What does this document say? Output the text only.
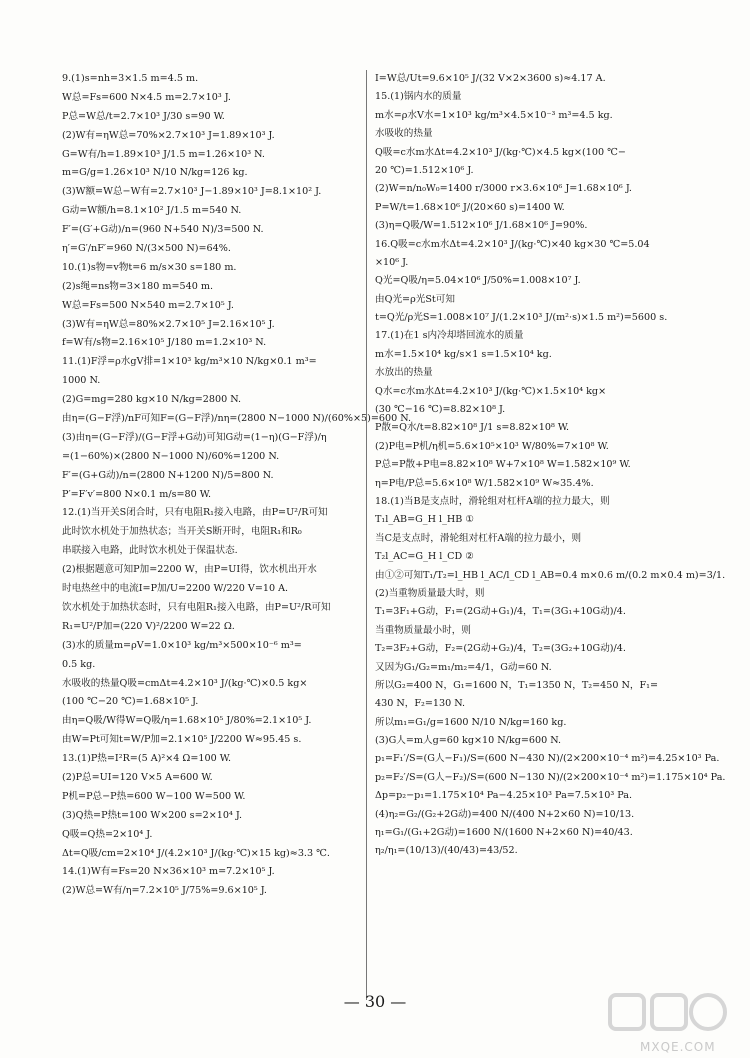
9.(1)s=nh=3×1.5 m=4.5 m.
W总=Fs=600 N×4.5 m=2.7×10³ J.
P总=W总/t=2.7×10³ J/30 s=90 W.
(2)W有=ηW总=70%×2.7×10³ J=1.89×10³ J.
G=W有/h=1.89×10³ J/1.5 m=1.26×10³ N.
m=G/g=1.26×10³ N/10 N/kg=126 kg.
(3)W额=W总−W有=2.7×10³ J−1.89×10³ J=8.1×10² J.
G动=W额/h=8.1×10² J/1.5 m=540 N.
F′=(G′+G动)/n=(960 N+540 N)/3=500 N.
η′=G′/nF′=960 N/(3×500 N)=64%.
10.(1)s物=v物t=6 m/s×30 s=180 m.
(2)s绳=ns物=3×180 m=540 m.
W总=Fs=500 N×540 m=2.7×10⁵ J.
(3)W有=ηW总=80%×2.7×10⁵ J=2.16×10⁵ J.
f=W有/s物=2.16×10⁵ J/180 m=1.2×10³ N.
11.(1)F浮=ρ水gV排=1×10³ kg/m³×10 N/kg×0.1 m³=
1000 N.
(2)G=mg=280 kg×10 N/kg=2800 N.
由η=(G−F浮)/nF可知F=(G−F浮)/nη=(2800 N−1000 N)/(60%×5)=600 N.
(3)由η=(G−F浮)/(G−F浮+G动)可知G动=(1−η)(G−F浮)/η
=(1−60%)×(2800 N−1000 N)/60%=1200 N.
F′=(G+G动)/n=(2800 N+1200 N)/5=800 N.
P′=F′v′=800 N×0.1 m/s=80 W.
12.(1)当开关S闭合时，只有电阻R₁接入电路，由P=U²/R可知
此时饮水机处于加热状态；当开关S断开时，电阻R₁和R₀
串联接入电路，此时饮水机处于保温状态.
(2)根据题意可知P加=2200 W，由P=UI得，饮水机出开水
时电热丝中的电流I=P加/U=2200 W/220 V=10 A.
饮水机处于加热状态时，只有电阻R₁接入电路，由P=U²/R可知
R₁=U²/P加=(220 V)²/2200 W=22 Ω.
(3)水的质量m=ρV=1.0×10³ kg/m³×500×10⁻⁶ m³=
0.5 kg.
水吸收的热量Q吸=cmΔt=4.2×10³ J/(kg·℃)×0.5 kg×
(100 ℃−20 ℃)=1.68×10⁵ J.
由η=Q吸/W得W=Q吸/η=1.68×10⁵ J/80%=2.1×10⁵ J.
由W=Pt可知t=W/P加=2.1×10⁵ J/2200 W≈95.45 s.
13.(1)P热=I²R=(5 A)²×4 Ω=100 W.
(2)P总=UI=120 V×5 A=600 W.
P机=P总−P热=600 W−100 W=500 W.
(3)Q热=P热t=100 W×200 s=2×10⁴ J.
Q吸=Q热=2×10⁴ J.
Δt=Q吸/cm=2×10⁴ J/(4.2×10³ J/(kg·℃)×15 kg)≈3.3 ℃.
14.(1)W有=Fs=20 N×36×10³ m=7.2×10⁵ J.
(2)W总=W有/η=7.2×10⁵ J/75%=9.6×10⁵ J.
I=W总/Ut=9.6×10⁵ J/(32 V×2×3600 s)≈4.17 A.
15.(1)锅内水的质量
m水=ρ水V水=1×10³ kg/m³×4.5×10⁻³ m³=4.5 kg.
水吸收的热量
Q吸=c水m水Δt=4.2×10³ J/(kg·℃)×4.5 kg×(100 ℃−
20 ℃)=1.512×10⁶ J.
(2)W=n/n₀W₀=1400 r/3000 r×3.6×10⁶ J=1.68×10⁶ J.
P=W/t=1.68×10⁶ J/(20×60 s)=1400 W.
(3)η=Q吸/W=1.512×10⁶ J/1.68×10⁶ J=90%.
16.Q吸=c水m水Δt=4.2×10³ J/(kg·℃)×40 kg×30 ℃=5.04
×10⁶ J.
Q光=Q吸/η=5.04×10⁶ J/50%=1.008×10⁷ J.
由Q光=ρ光St可知
t=Q光/ρ光S=1.008×10⁷ J/(1.2×10³ J/(m²·s)×1.5 m²)=5600 s.
17.(1)在1 s内冷却塔回流水的质量
m水=1.5×10⁴ kg/s×1 s=1.5×10⁴ kg.
水放出的热量
Q水=c水m水Δt=4.2×10³ J/(kg·℃)×1.5×10⁴ kg×
(30 ℃−16 ℃)=8.82×10⁸ J.
P散=Q水/t=8.82×10⁸ J/1 s=8.82×10⁸ W.
(2)P电=P机/η机=5.6×10⁵×10³ W/80%=7×10⁸ W.
P总=P散+P电=8.82×10⁸ W+7×10⁸ W=1.582×10⁹ W.
η=P电/P总=5.6×10⁸ W/1.582×10⁹ W≈35.4%.
18.(1)当B是支点时，滑轮组对杠杆A端的拉力最大，则
T₁l_AB=G_H l_HB ①
当C是支点时，滑轮组对杠杆A端的拉力最小，则
T₂l_AC=G_H l_CD ②
由①②可知T₁/T₂=l_HB l_AC/l_CD l_AB=0.4 m×0.6 m/(0.2 m×0.4 m)=3/1.
(2)当重物质量最大时，则
T₁=3F₁+G动，F₁=(2G动+G₁)/4，T₁=(3G₁+10G动)/4.
当重物质量最小时，则
T₂=3F₂+G动，F₂=(2G动+G₂)/4，T₂=(3G₂+10G动)/4.
又因为G₁/G₂=m₁/m₂=4/1，G动=60 N.
所以G₂=400 N，G₁=1600 N，T₁=1350 N，T₂=450 N，F₁=
430 N，F₂=130 N.
所以m₁=G₁/g=1600 N/10 N/kg=160 kg.
(3)G人=m人g=60 kg×10 N/kg=600 N.
p₁=F₁′/S=(G人−F₁)/S=(600 N−430 N)/(2×200×10⁻⁴ m²)=4.25×10³ Pa.
p₂=F₂′/S=(G人−F₂)/S=(600 N−130 N)/(2×200×10⁻⁴ m²)=1.175×10⁴ Pa.
Δp=p₂−p₁=1.175×10⁴ Pa−4.25×10³ Pa=7.5×10³ Pa.
(4)η₂=G₂/(G₂+2G动)=400 N/(400 N+2×60 N)=10/13.
η₁=G₁/(G₁+2G动)=1600 N/(1600 N+2×60 N)=40/43.
η₂/η₁=(10/13)/(40/43)=43/52.
— 30 —
MXQE.COM
